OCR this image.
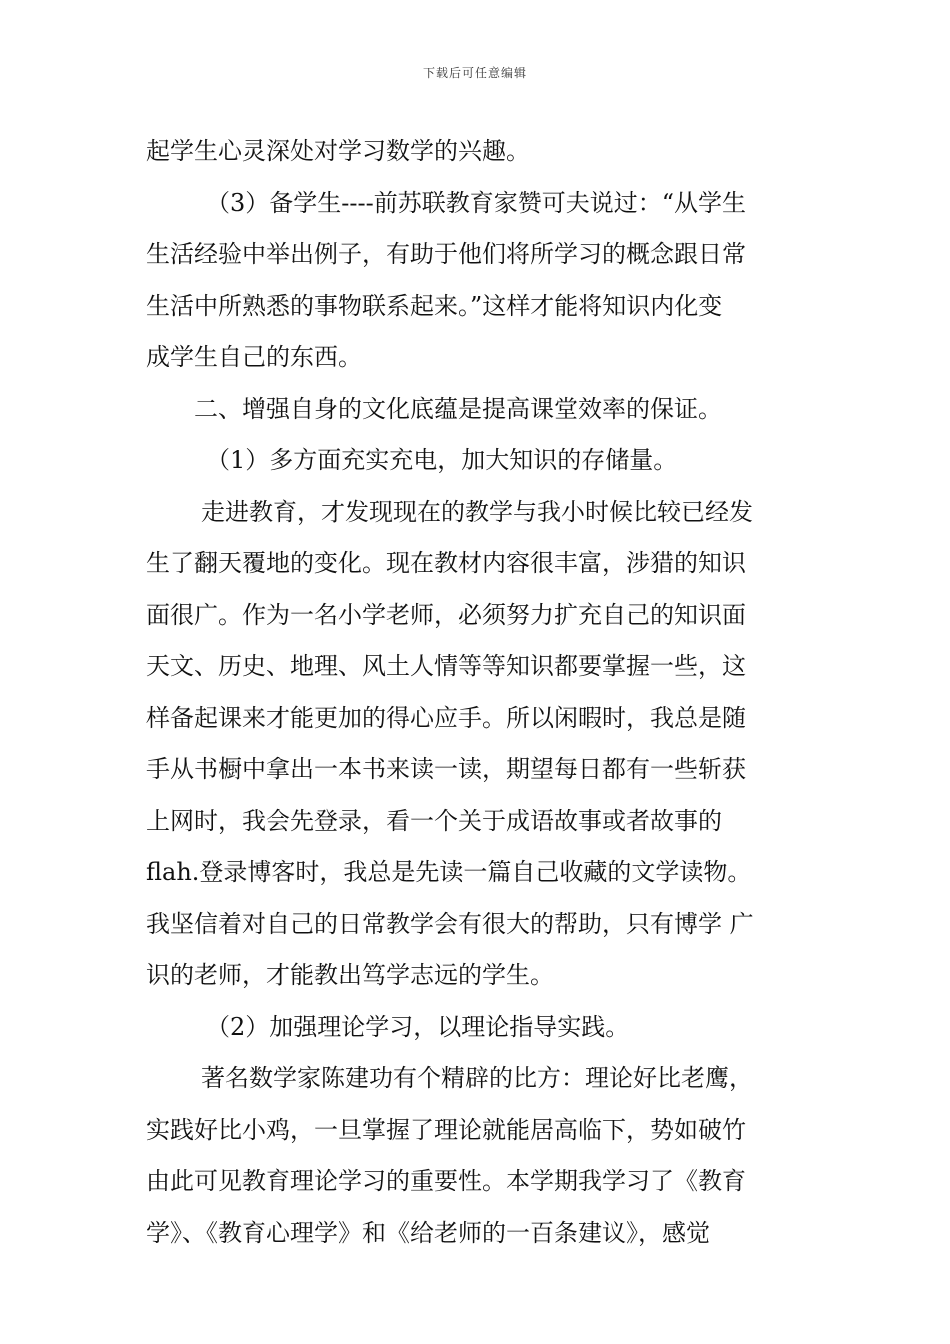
下载后可任意编辑
起学生心灵深处对学习数学的兴趣。
（3）备学生----前苏联教育家赞可夫说过：“从学生
生活经验中举出例子，有助于他们将所学习的概念跟日常
生活中所熟悉的事物联系起来。”这样才能将知识内化变
成学生自己的东西。
二、增强自身的文化底蕴是提高课堂效率的保证。
（1）多方面充实充电，加大知识的存储量。
走进教育，才发现现在的教学与我小时候比较已经发
生了翻天覆地的变化。现在教材内容很丰富，涉猎的知识
面很广。作为一名小学老师，必须努力扩充自己的知识面
天文、历史、地理、风土人情等等知识都要掌握一些，这
样备起课来才能更加的得心应手。所以闲暇时，我总是随
手从书橱中拿出一本书来读一读，期望每日都有一些斩获
上网时，我会先登录，看一个关于成语故事或者故事的
flah.登录博客时，我总是先读一篇自己收藏的文学读物。
我坚信着对自己的日常教学会有很大的帮助，只有博学 广
识的老师，才能教出笃学志远的学生。
（2）加强理论学习，以理论指导实践。
著名数学家陈建功有个精辟的比方：理论好比老鹰，
实践好比小鸡，一旦掌握了理论就能居高临下，势如破竹
由此可见教育理论学习的重要性。本学期我学习了《教育
学》、《教育心理学》和《给老师的一百条建议》，感觉
